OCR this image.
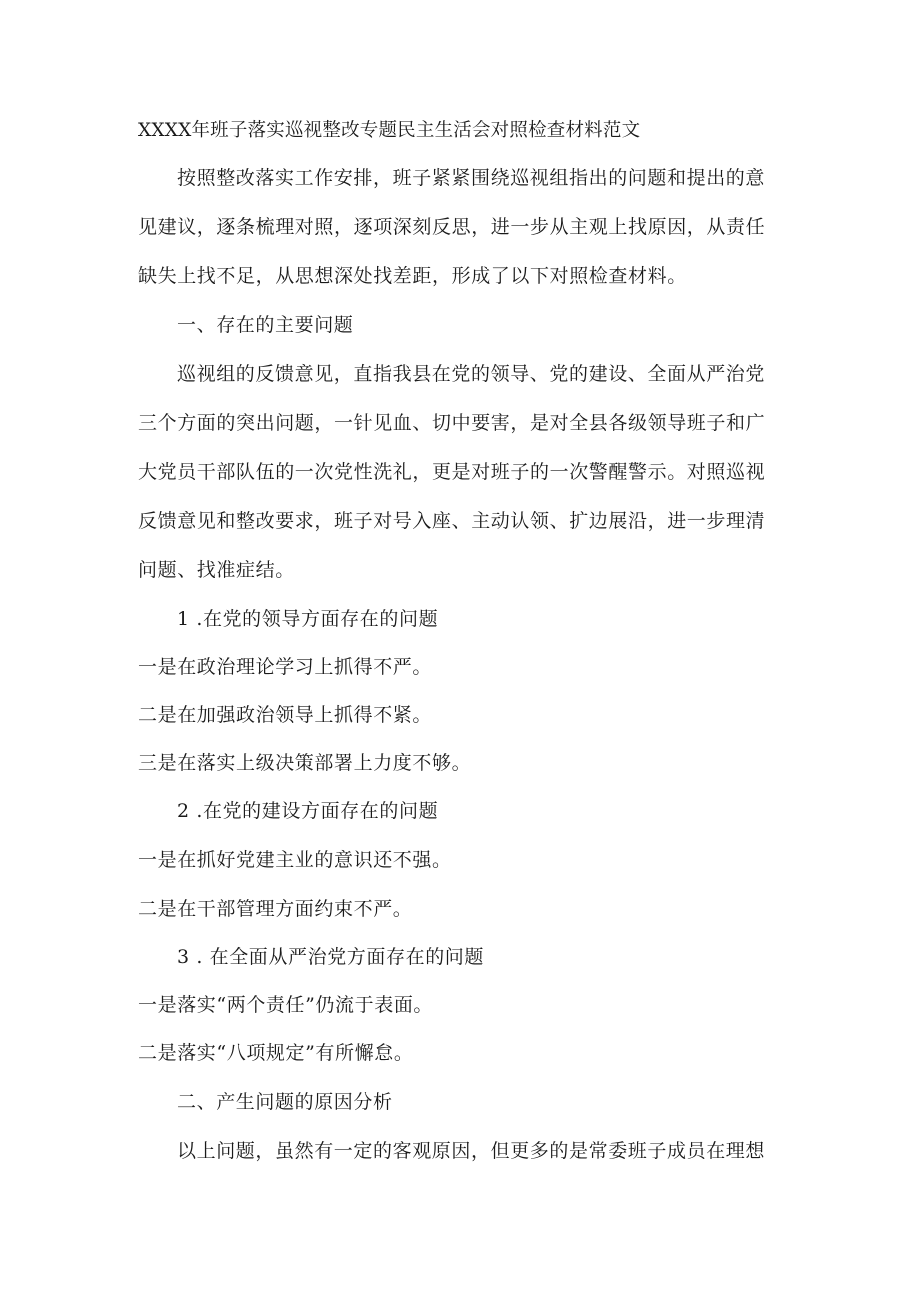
XXXX年班子落实巡视整改专题民主生活会对照检查材料范文
按照整改落实工作安排，班子紧紧围绕巡视组指出的问题和提出的意
见建议，逐条梳理对照，逐项深刻反思，进一步从主观上找原因，从责任
缺失上找不足，从思想深处找差距，形成了以下对照检查材料。
一、存在的主要问题
巡视组的反馈意见，直指我县在党的领导、党的建设、全面从严治党
三个方面的突出问题，一针见血、切中要害，是对全县各级领导班子和广
大党员干部队伍的一次党性洗礼，更是对班子的一次警醒警示。对照巡视
反馈意见和整改要求，班子对号入座、主动认领、扩边展沿，进一步理清
问题、找准症结。
1 .在党的领导方面存在的问题
一是在政治理论学习上抓得不严。
二是在加强政治领导上抓得不紧。
三是在落实上级决策部署上力度不够。
2 .在党的建设方面存在的问题
一是在抓好党建主业的意识还不强。
二是在干部管理方面约束不严。
3 . 在全面从严治党方面存在的问题
一是落实“两个责任”仍流于表面。
二是落实“八项规定”有所懈怠。
二、产生问题的原因分析
以上问题，虽然有一定的客观原因，但更多的是常委班子成员在理想
